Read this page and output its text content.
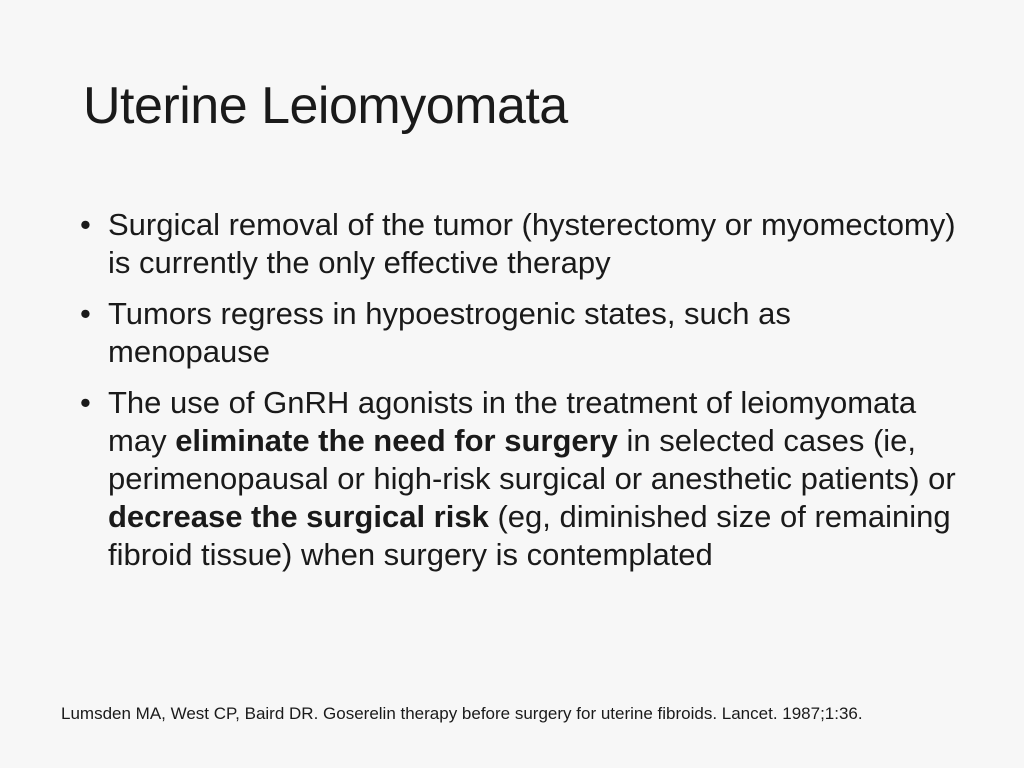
Uterine Leiomyomata
• Surgical removal of the tumor (hysterectomy or myomectomy) is currently the only effective therapy
• Tumors regress in hypoestrogenic states, such as menopause
• The use of GnRH agonists in the treatment of leiomyomata may eliminate the need for surgery in selected cases (ie, perimenopausal or high-risk surgical or anesthetic patients) or decrease the surgical risk (eg, diminished size of remaining fibroid tissue) when surgery is contemplated

Lumsden MA, West CP, Baird DR. Goserelin therapy before surgery for uterine fibroids. Lancet. 1987;1:36.
